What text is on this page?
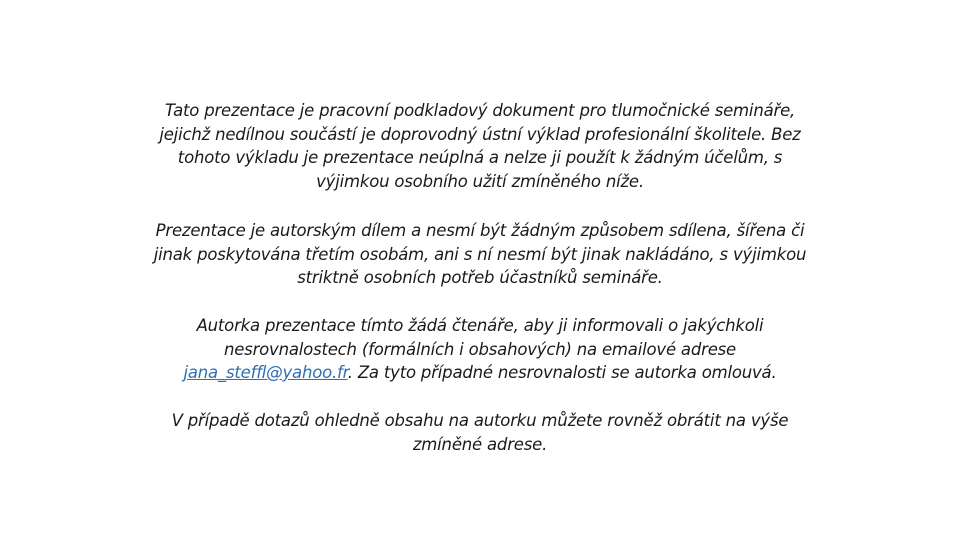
Tato prezentace je pracovní podkladový dokument pro tlumočnické semináře,
jejichž nedílnou součástí je doprovodný ústní výklad profesionální školitele. Bez
tohoto výkladu je prezentace neúplná a nelze ji použít k žádným účelům, s
výjimkou osobního užití zmíněného níže.

Prezentace je autorským dílem a nesmí být žádným způsobem sdílena, šířena či
jinak poskytována třetím osobám, ani s ní nesmí být jinak nakládáno, s výjimkou
striktně osobních potřeb účastníků semináře.

Autorka prezentace tímto žádá čtenáře, aby ji informovali o jakýchkoli
nesrovnalostech (formálních i obsahových) na emailové adrese
jana_steffl@yahoo.fr. Za tyto případné nesrovnalosti se autorka omlouvá.

V případě dotazů ohledně obsahu na autorku můžete rovněž obrátit na výše
zmíněné adrese.
